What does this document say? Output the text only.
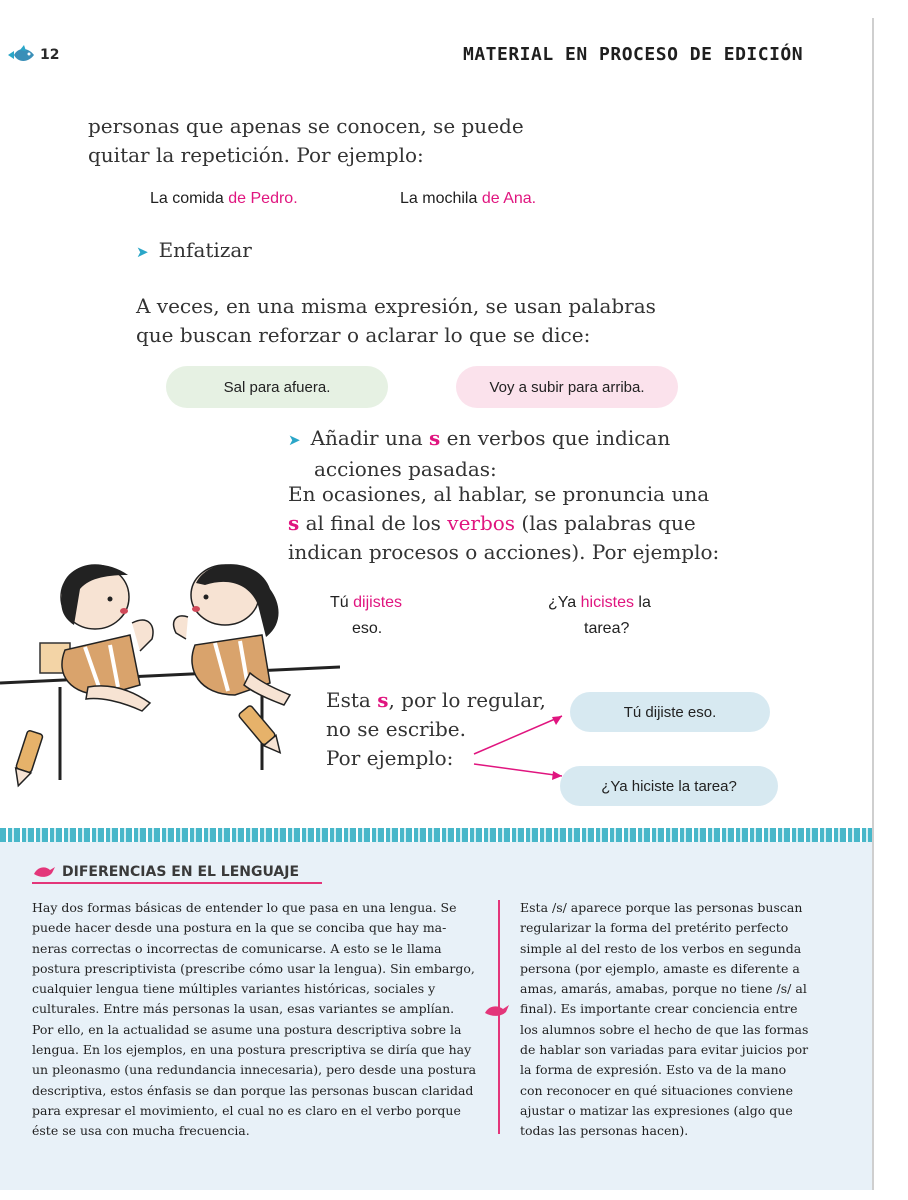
12	MATERIAL EN PROCESO DE EDICIÓN
personas que apenas se conocen, se puede
quitar la repetición. Por ejemplo:
La comida de Pedro.	La mochila de Ana.
➤ Enfatizar
A veces, en una misma expresión, se usan palabras
que buscan reforzar o aclarar lo que se dice:
Sal para afuera.	Voy a subir para arriba.
➤ Añadir una s en verbos que indican
acciones pasadas:
En ocasiones, al hablar, se pronuncia una
s al final de los verbos (las palabras que
indican procesos o acciones). Por ejemplo:
Tú dijistes
eso.
¿Ya hicistes la
tarea?
Esta s, por lo regular,
no se escribe.
Por ejemplo:
Tú dijiste eso.
¿Ya hiciste la tarea?
DIFERENCIAS EN EL LENGUAJE
Hay dos formas básicas de entender lo que pasa en una lengua. Se
puede hacer desde una postura en la que se conciba que hay ma-
neras correctas o incorrectas de comunicarse. A esto se le llama
postura prescriptivista (prescribe cómo usar la lengua). Sin embargo,
cualquier lengua tiene múltiples variantes históricas, sociales y
culturales. Entre más personas la usan, esas variantes se amplían.
Por ello, en la actualidad se asume una postura descriptiva sobre la
lengua. En los ejemplos, en una postura prescriptiva se diría que hay
un pleonasmo (una redundancia innecesaria), pero desde una postura
descriptiva, estos énfasis se dan porque las personas buscan claridad
para expresar el movimiento, el cual no es claro en el verbo porque
éste se usa con mucha frecuencia.
Esta /s/ aparece porque las personas buscan
regularizar la forma del pretérito perfecto
simple al del resto de los verbos en segunda
persona (por ejemplo, amaste es diferente a
amas, amarás, amabas, porque no tiene /s/ al
final). Es importante crear conciencia entre
los alumnos sobre el hecho de que las formas
de hablar son variadas para evitar juicios por
la forma de expresión. Esto va de la mano
con reconocer en qué situaciones conviene
ajustar o matizar las expresiones (algo que
todas las personas hacen).
